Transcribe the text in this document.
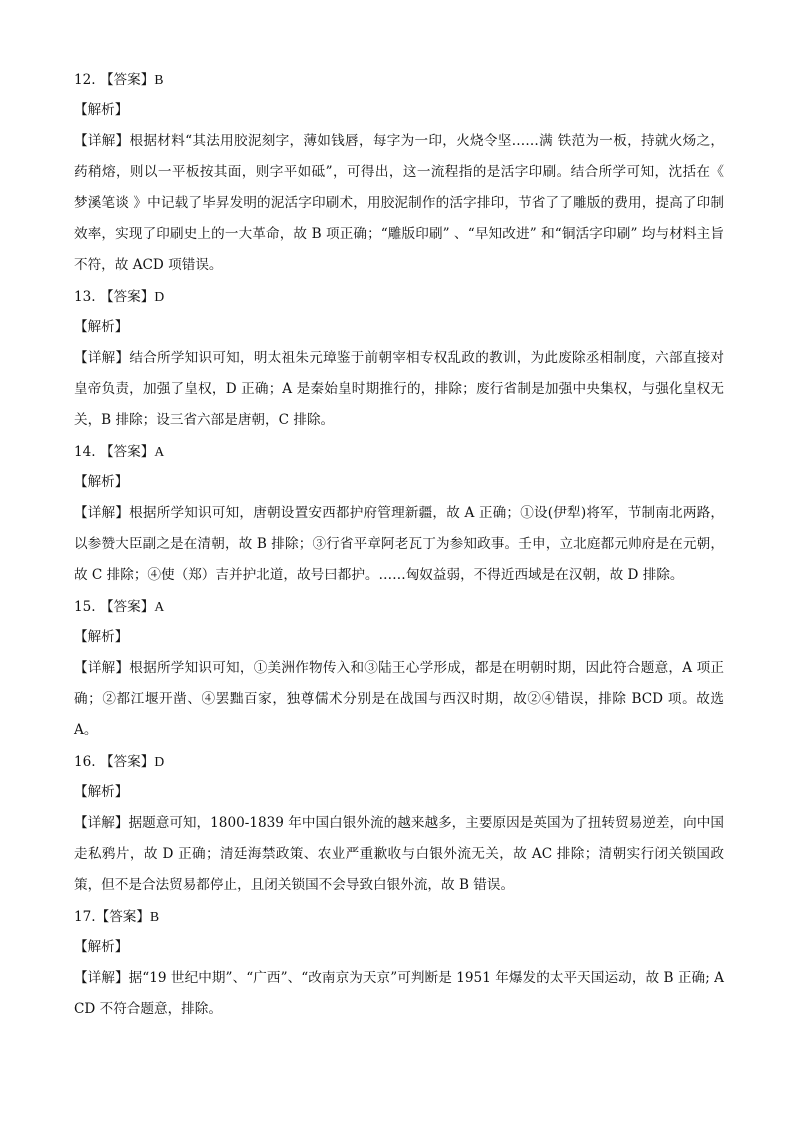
12. 【答案】B
【解析】
【详解】根据材料“其法用胶泥刻字，薄如钱唇，每字为一印，火烧令坚……满 铁范为一板，持就火炀之，药稍熔，则以一平板按其面，则字平如砥”，可得出，这一流程指的是活字印刷。结合所学可知，沈括在《 梦溪笔谈 》中记载了毕昇发明的泥活字印刷术，用胶泥制作的活字排印，节省了了雕版的费用，提高了印制效率，实现了印刷史上的一大革命，故 B 项正确；“雕版印刷” 、“早知改进” 和“铜活字印刷” 均与材料主旨不符，故 ACD 项错误。
13. 【答案】D
【解析】
【详解】结合所学知识可知，明太祖朱元璋鉴于前朝宰相专权乱政的教训，为此废除丞相制度，六部直接对皇帝负责，加强了皇权，D 正确；A 是秦始皇时期推行的，排除；废行省制是加强中央集权，与强化皇权无关，B 排除；设三省六部是唐朝，C 排除。
14. 【答案】A
【解析】
【详解】根据所学知识可知，唐朝设置安西都护府管理新疆，故 A 正确；①设(伊犁)将军，节制南北两路，以参赞大臣副之是在清朝，故 B 排除；③行省平章阿老瓦丁为参知政事。壬申，立北庭都元帅府是在元朝，故 C 排除；④使（郑）吉并护北道，故号曰都护。……匈奴益弱，不得近西域是在汉朝，故 D 排除。
15. 【答案】A
【解析】
【详解】根据所学知识可知，①美洲作物传入和③陆王心学形成，都是在明朝时期，因此符合题意，A 项正确；②都江堰开凿、④罢黜百家，独尊儒术分别是在战国与西汉时期，故②④错误，排除 BCD 项。故选 A。
16. 【答案】D
【解析】
【详解】据题意可知，1800-1839 年中国白银外流的越来越多，主要原因是英国为了扭转贸易逆差，向中国走私鸦片，故 D 正确；清廷海禁政策、农业严重歉收与白银外流无关，故 AC 排除；清朝实行闭关锁国政策，但不是合法贸易都停止，且闭关锁国不会导致白银外流，故 B 错误。
17.【答案】B
【解析】
【详解】据“19 世纪中期”、“广西”、“改南京为天京”可判断是 1951 年爆发的太平天国运动，故 B 正确; ACD 不符合题意，排除。
